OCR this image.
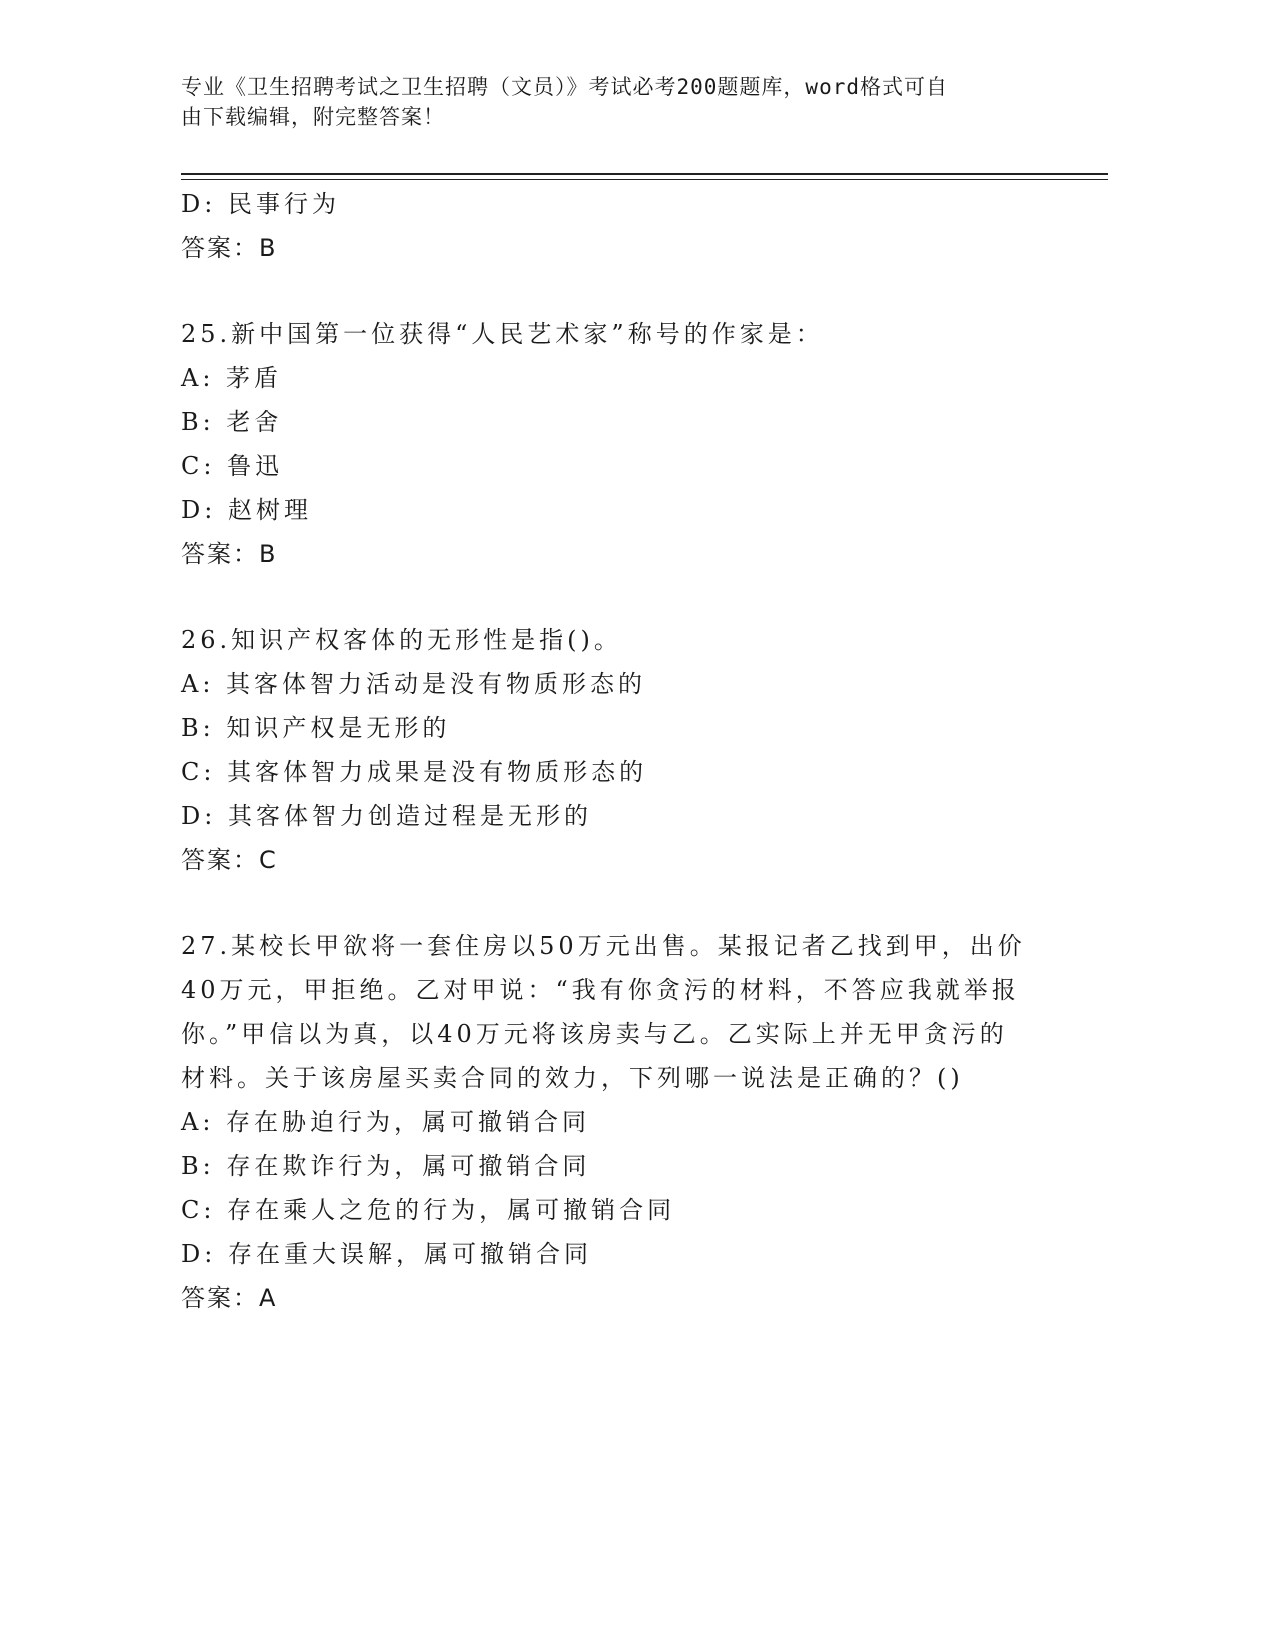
专业《卫生招聘考试之卫生招聘（文员）》考试必考200题题库，word格式可自
由下载编辑，附完整答案！
D: 民事行为
答案：B
25.新中国第一位获得“人民艺术家”称号的作家是：
A: 茅盾
B: 老舍
C: 鲁迅
D: 赵树理
答案：B
26.知识产权客体的无形性是指()。
A: 其客体智力活动是没有物质形态的
B: 知识产权是无形的
C: 其客体智力成果是没有物质形态的
D: 其客体智力创造过程是无形的
答案：C
27.某校长甲欲将一套住房以50万元出售。某报记者乙找到甲，出价
40万元，甲拒绝。乙对甲说：“我有你贪污的材料，不答应我就举报
你。”甲信以为真，以40万元将该房卖与乙。乙实际上并无甲贪污的
材料。关于该房屋买卖合同的效力，下列哪一说法是正确的？()
A: 存在胁迫行为，属可撤销合同
B: 存在欺诈行为，属可撤销合同
C: 存在乘人之危的行为，属可撤销合同
D: 存在重大误解，属可撤销合同
答案：A
